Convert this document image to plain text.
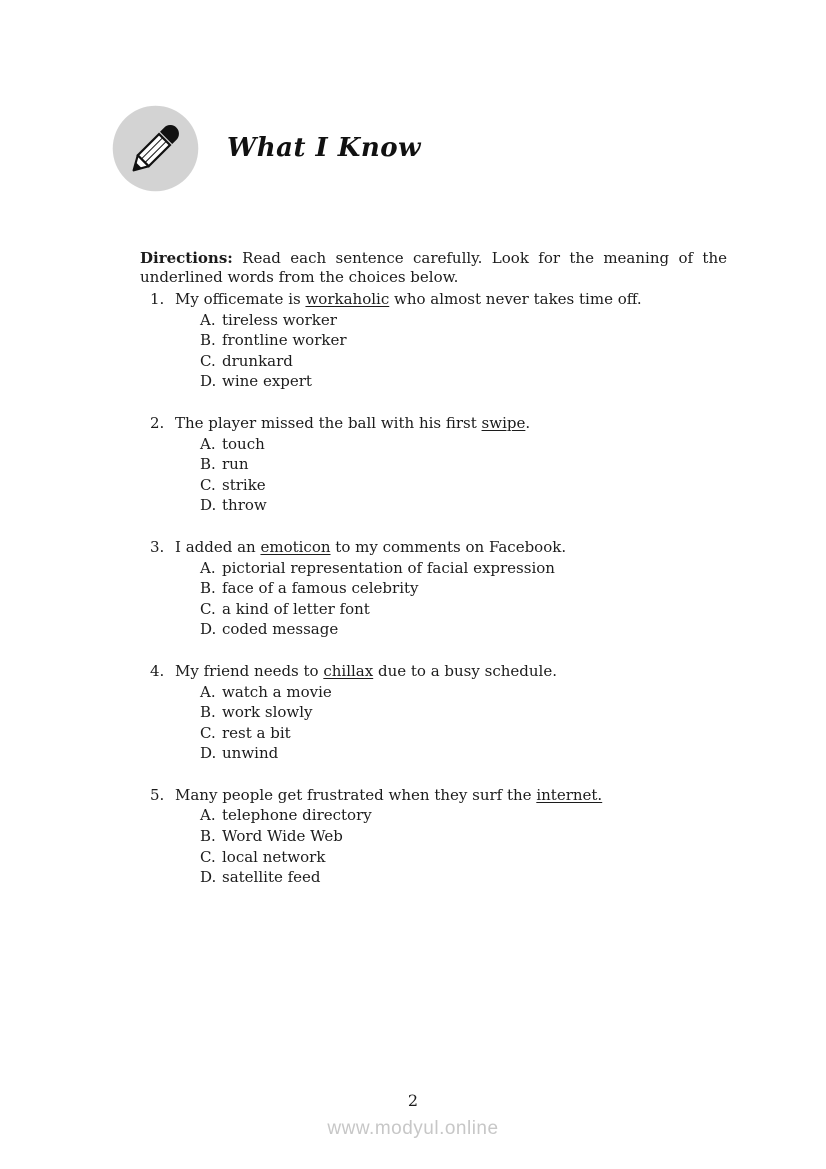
What I Know

Directions: Read each sentence carefully. Look for the meaning of the underlined words from the choices below.

1. My officemate is workaholic who almost never takes time off.
A. tireless worker
B. frontline worker
C. drunkard
D. wine expert
2. The player missed the ball with his first swipe.
A. touch
B. run
C. strike
D. throw
3. I added an emoticon to my comments on Facebook.
A. pictorial representation of facial expression
B. face of a famous celebrity
C. a kind of letter font
D. coded message
4. My friend needs to chillax due to a busy schedule.
A. watch a movie
B. work slowly
C. rest a bit
D. unwind
5. Many people get frustrated when they surf the internet.
A. telephone directory
B. Word Wide Web
C. local network
D. satellite feed
2
www.modyul.online
